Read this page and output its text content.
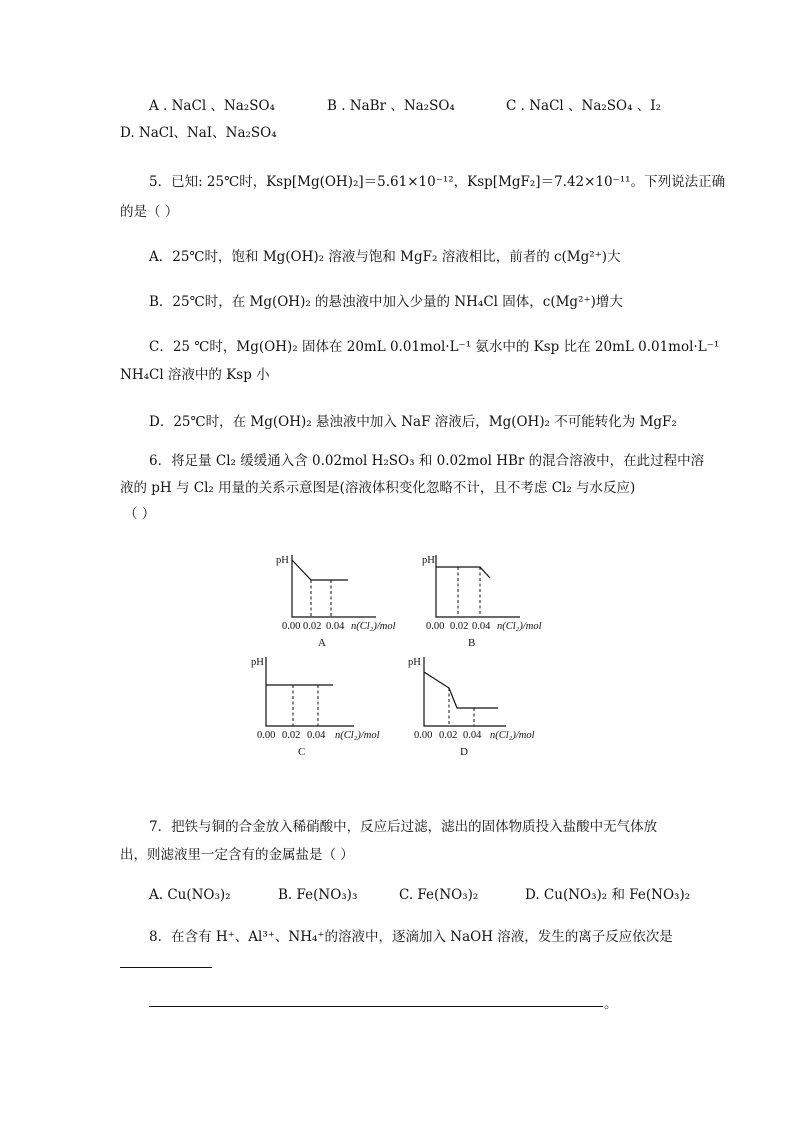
A . NaCl 、Na₂SO₄	B . NaBr 、Na₂SO₄	C . NaCl 、Na₂SO₄ 、I₂
D. NaCl、NaI、Na₂SO₄
5．已知: 25℃时，Ksp[Mg(OH)₂]＝5.61×10⁻¹²，Ksp[MgF₂]＝7.42×10⁻¹¹。下列说法正确
的是（ ）
A．25℃时，饱和 Mg(OH)₂ 溶液与饱和 MgF₂ 溶液相比，前者的 c(Mg²⁺)大
B．25℃时，在 Mg(OH)₂ 的悬浊液中加入少量的 NH₄Cl 固体，c(Mg²⁺)增大
C．25 ℃时，Mg(OH)₂ 固体在 20mL 0.01mol·L⁻¹ 氨水中的 Ksp 比在 20mL 0.01mol·L⁻¹
NH₄Cl 溶液中的 Ksp 小
D．25℃时，在 Mg(OH)₂ 悬浊液中加入 NaF 溶液后，Mg(OH)₂ 不可能转化为 MgF₂
6．将足量 Cl₂ 缓缓通入含 0.02mol H₂SO₃ 和 0.02mol HBr 的混合溶液中，在此过程中溶
液的 pH 与 Cl₂ 用量的关系示意图是(溶液体积变化忽略不计，且不考虑 Cl₂ 与水反应)
（ ）
pH
0.00 0.02 0.04 n(Cl₂)/mol
A
pH
0.00 0.02 0.04 n(Cl₂)/mol
B
pH
0.00 0.02 0.04 n(Cl₂)/mol
C
pH
0.00 0.02 0.04 n(Cl₂)/mol
D
7．把铁与铜的合金放入稀硝酸中，反应后过滤，滤出的固体物质投入盐酸中无气体放
出，则滤液里一定含有的金属盐是（ ）
A. Cu(NO₃)₂	B. Fe(NO₃)₃	C. Fe(NO₃)₂	D. Cu(NO₃)₂ 和 Fe(NO₃)₂
8．在含有 H⁺、Al³⁺、NH₄⁺的溶液中，逐滴加入 NaOH 溶液，发生的离子反应依次是
。
